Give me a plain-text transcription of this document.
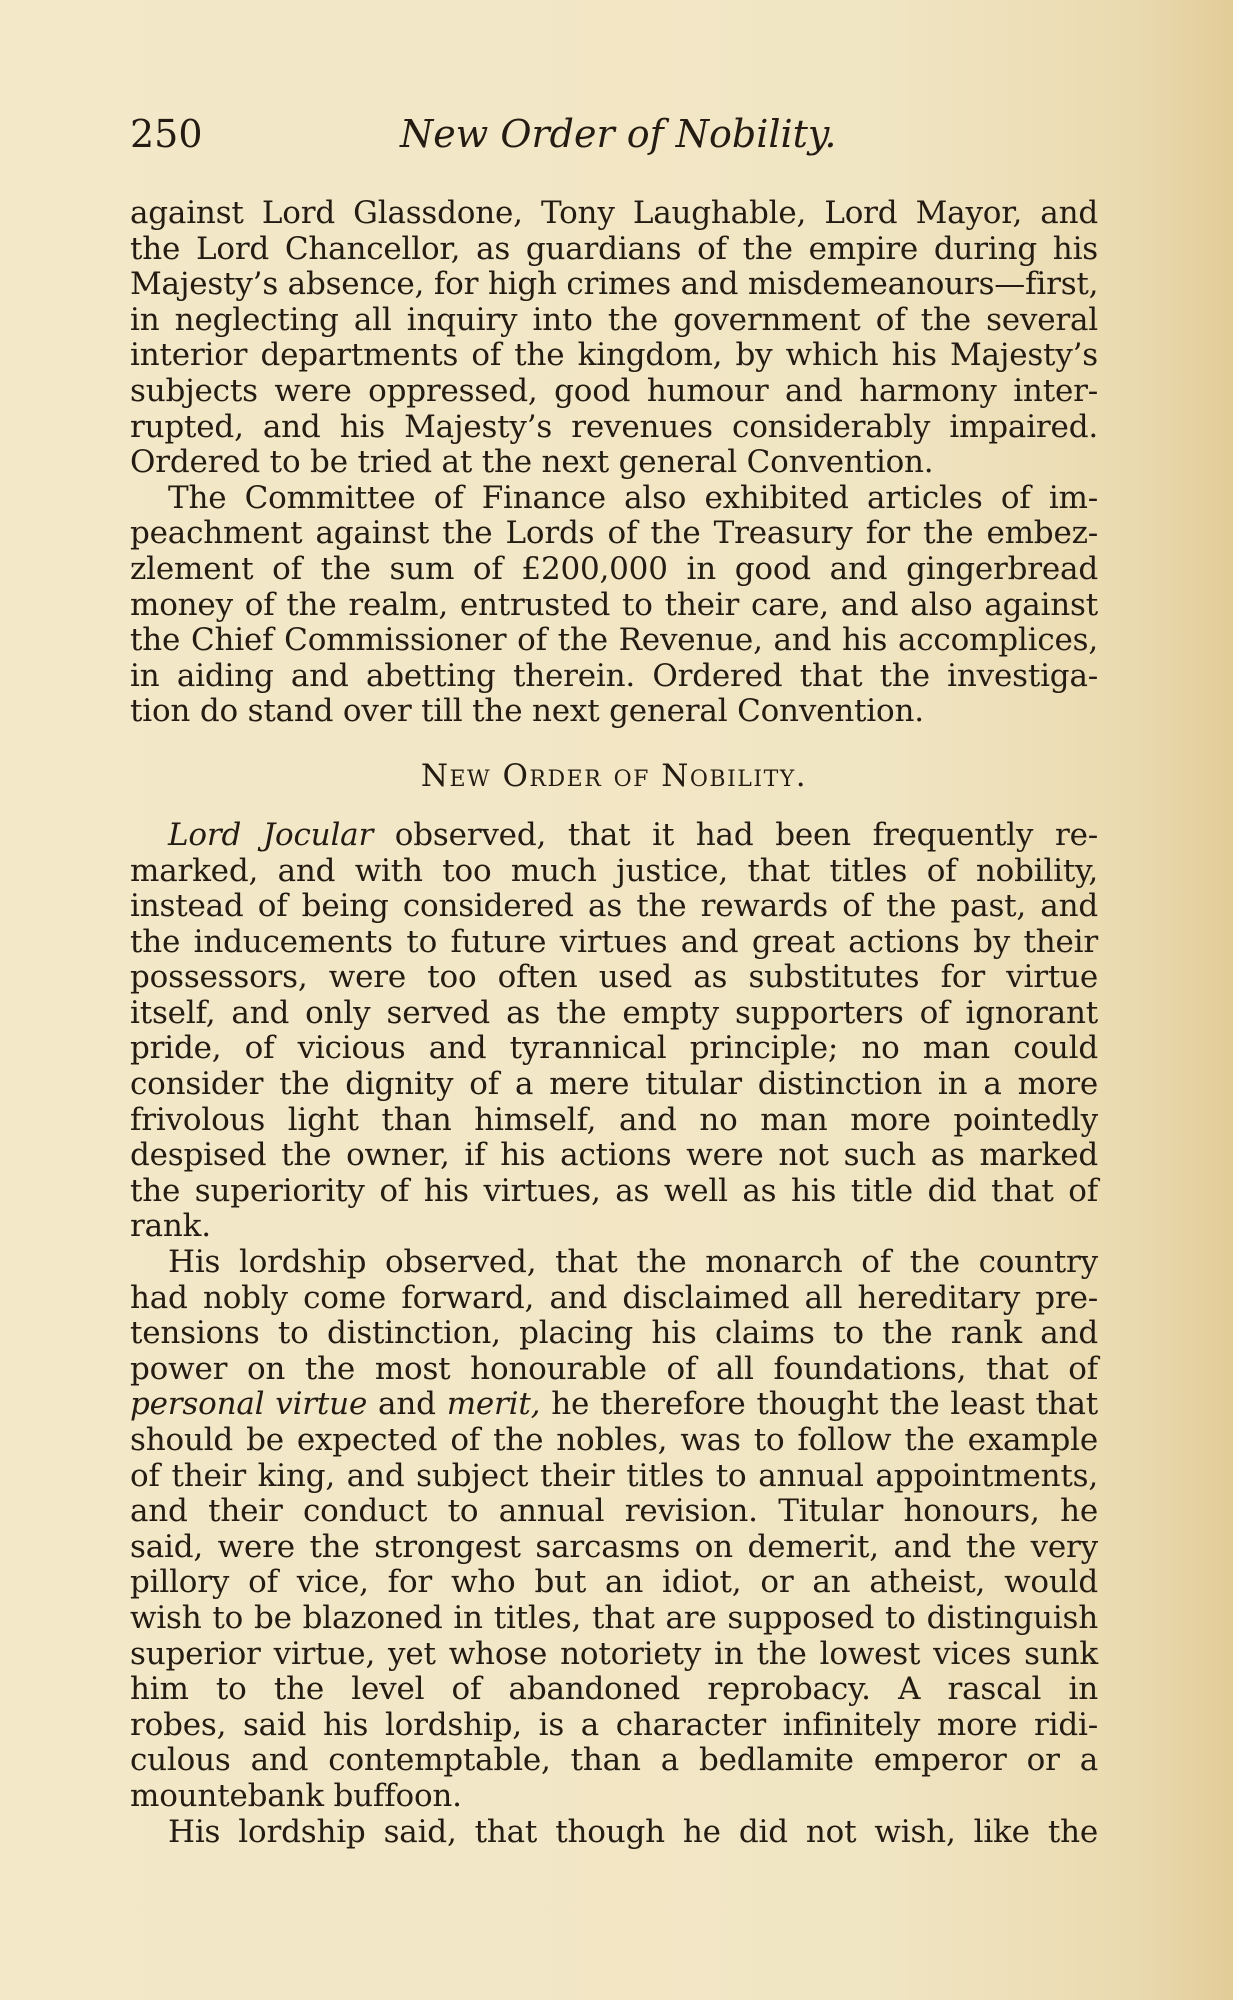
250	New Order of Nobility.
against Lord Glassdone, Tony Laughable, Lord Mayor, and
the Lord Chancellor, as guardians of the empire during his
Majesty’s absence, for high crimes and misdemeanours—first,
in neglecting all inquiry into the government of the several
interior departments of the kingdom, by which his Majesty’s
subjects were oppressed, good humour and harmony inter-
rupted, and his Majesty’s revenues considerably impaired.
Ordered to be tried at the next general Convention.
The Committee of Finance also exhibited articles of im-
peachment against the Lords of the Treasury for the embez-
zlement of the sum of £200,000 in good and gingerbread
money of the realm, entrusted to their care, and also against
the Chief Commissioner of the Revenue, and his accomplices,
in aiding and abetting therein. Ordered that the investiga-
tion do stand over till the next general Convention.
New Order of Nobility.
Lord Jocular observed, that it had been frequently re-
marked, and with too much justice, that titles of nobility,
instead of being considered as the rewards of the past, and
the inducements to future virtues and great actions by their
possessors, were too often used as substitutes for virtue
itself, and only served as the empty supporters of ignorant
pride, of vicious and tyrannical principle; no man could
consider the dignity of a mere titular distinction in a more
frivolous light than himself, and no man more pointedly
despised the owner, if his actions were not such as marked
the superiority of his virtues, as well as his title did that of
rank.
His lordship observed, that the monarch of the country
had nobly come forward, and disclaimed all hereditary pre-
tensions to distinction, placing his claims to the rank and
power on the most honourable of all foundations, that of
personal virtue and merit, he therefore thought the least that
should be expected of the nobles, was to follow the example
of their king, and subject their titles to annual appointments,
and their conduct to annual revision. Titular honours, he
said, were the strongest sarcasms on demerit, and the very
pillory of vice, for who but an idiot, or an atheist, would
wish to be blazoned in titles, that are supposed to distinguish
superior virtue, yet whose notoriety in the lowest vices sunk
him to the level of abandoned reprobacy. A rascal in
robes, said his lordship, is a character infinitely more ridi-
culous and contemptable, than a bedlamite emperor or a
mountebank buffoon.
His lordship said, that though he did not wish, like the
